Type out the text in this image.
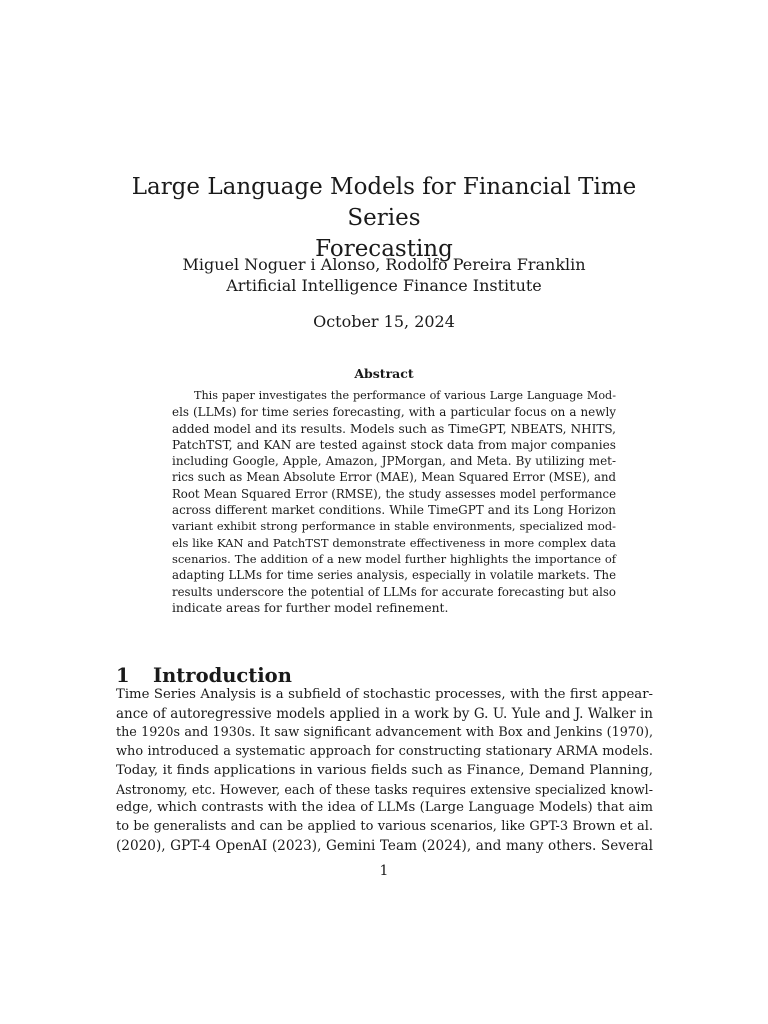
Large Language Models for Financial Time Series
Forecasting
Miguel Noguer i Alonso, Rodolfo Pereira Franklin
Artificial Intelligence Finance Institute
October 15, 2024
Abstract
This paper investigates the performance of various Large Language Mod-
els (LLMs) for time series forecasting, with a particular focus on a newly
added model and its results. Models such as TimeGPT, NBEATS, NHITS,
PatchTST, and KAN are tested against stock data from major companies
including Google, Apple, Amazon, JPMorgan, and Meta. By utilizing met-
rics such as Mean Absolute Error (MAE), Mean Squared Error (MSE), and
Root Mean Squared Error (RMSE), the study assesses model performance
across different market conditions. While TimeGPT and its Long Horizon
variant exhibit strong performance in stable environments, specialized mod-
els like KAN and PatchTST demonstrate effectiveness in more complex data
scenarios. The addition of a new model further highlights the importance of
adapting LLMs for time series analysis, especially in volatile markets. The
results underscore the potential of LLMs for accurate forecasting but also
indicate areas for further model refinement.
1 Introduction
Time Series Analysis is a subfield of stochastic processes, with the first appear-
ance of autoregressive models applied in a work by G. U. Yule and J. Walker in
the 1920s and 1930s. It saw significant advancement with Box and Jenkins (1970),
who introduced a systematic approach for constructing stationary ARMA models.
Today, it finds applications in various fields such as Finance, Demand Planning,
Astronomy, etc. However, each of these tasks requires extensive specialized knowl-
edge, which contrasts with the idea of LLMs (Large Language Models) that aim
to be generalists and can be applied to various scenarios, like GPT-3 Brown et al.
(2020), GPT-4 OpenAI (2023), Gemini Team (2024), and many others. Several
1
